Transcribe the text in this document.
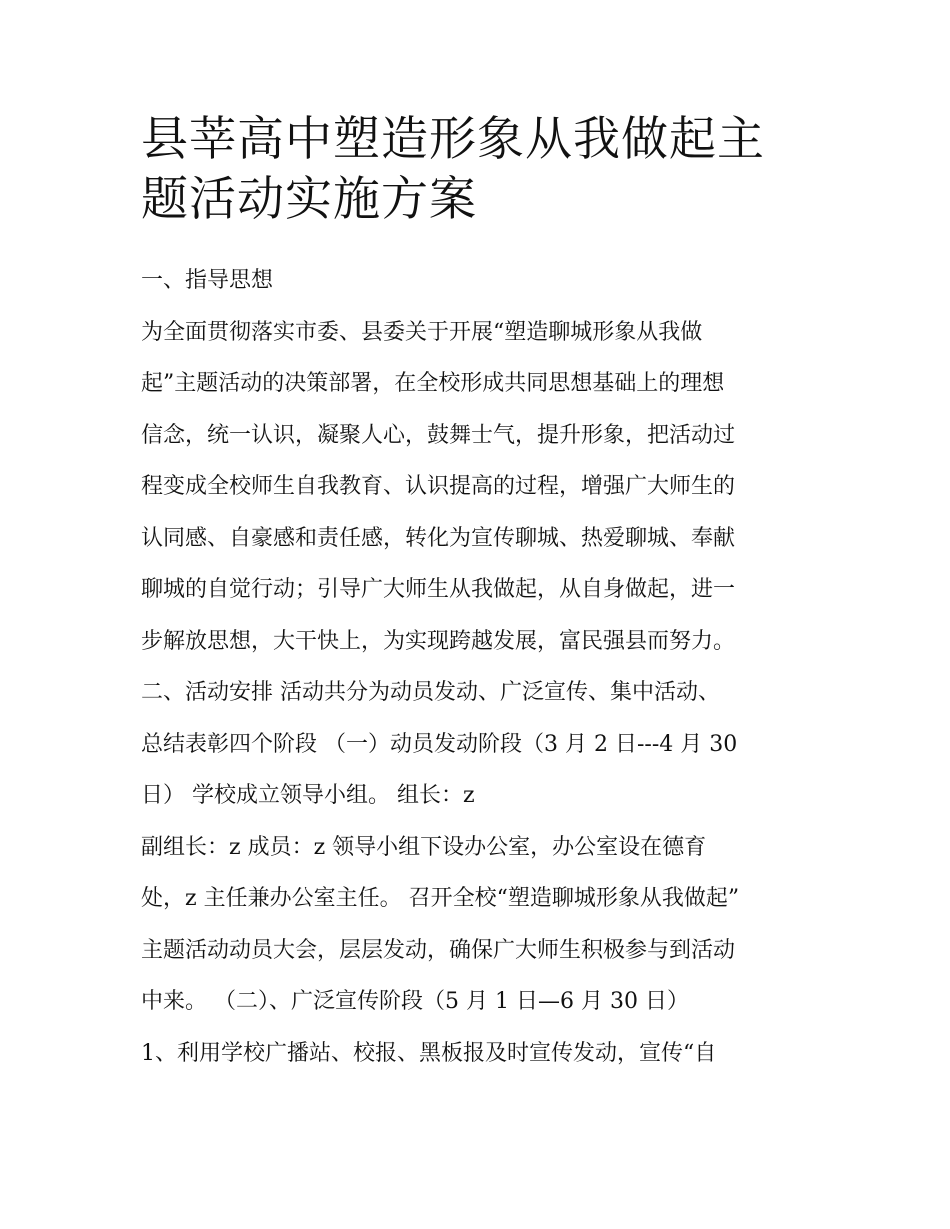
县莘高中塑造形象从我做起主
题活动实施方案
一、指导思想
为全面贯彻落实市委、县委关于开展“塑造聊城形象从我做
起”主题活动的决策部署，在全校形成共同思想基础上的理想
信念，统一认识，凝聚人心，鼓舞士气，提升形象，把活动过
程变成全校师生自我教育、认识提高的过程，增强广大师生的
认同感、自豪感和责任感，转化为宣传聊城、热爱聊城、奉献
聊城的自觉行动；引导广大师生从我做起，从自身做起，进一
步解放思想，大干快上，为实现跨越发展，富民强县而努力。
二、活动安排 活动共分为动员发动、广泛宣传、集中活动、
总结表彰四个阶段 （一）动员发动阶段（3 月 2 日---4 月 30
日） 学校成立领导小组。 组长：z
副组长：z 成员：z 领导小组下设办公室，办公室设在德育
处，z 主任兼办公室主任。 召开全校“塑造聊城形象从我做起”
主题活动动员大会，层层发动，确保广大师生积极参与到活动
中来。 （二）、广泛宣传阶段（5 月 1 日—6 月 30 日）
1、利用学校广播站、校报、黑板报及时宣传发动，宣传“自
